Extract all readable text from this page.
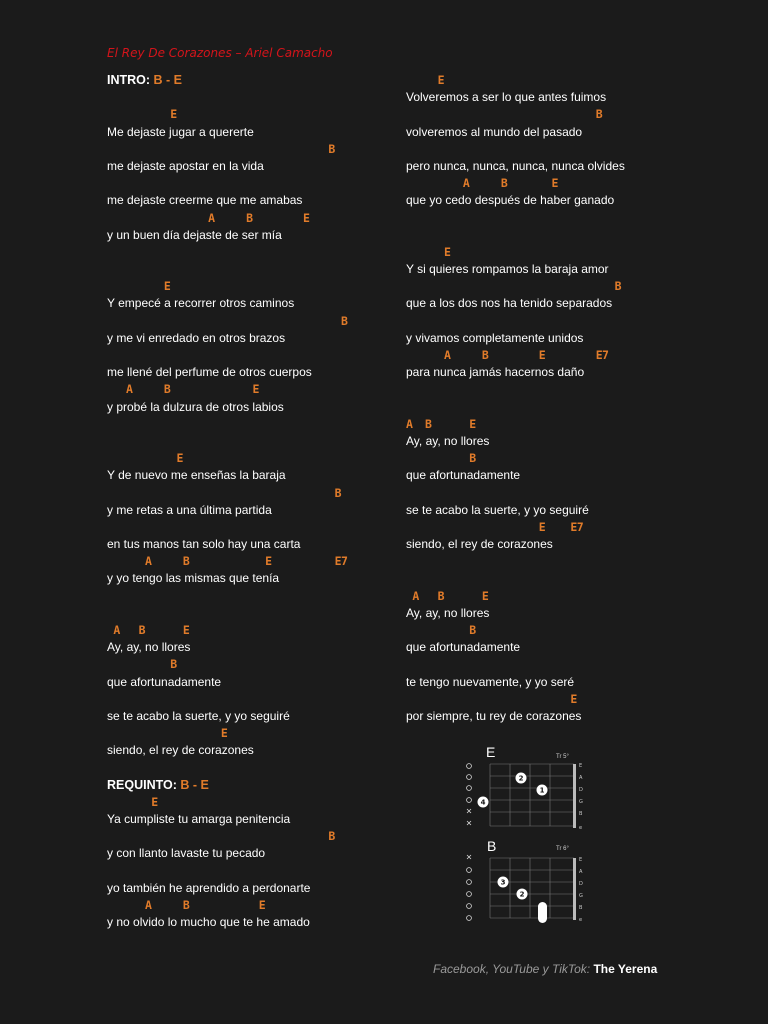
El Rey De Corazones – Ariel Camacho
INTRO: B - E
E
Me dejaste jugar a quererte
B
me dejaste apostar en la vida
me dejaste creerme que me amabas
A     B        E
y un buen día dejaste de ser mía
E
Y empecé a recorrer otros caminos
B
y me vi enredado en otros brazos
me llené del perfume de otros cuerpos
A     B             E
y probé la dulzura de otros labios
E
Y de nuevo me enseñas la baraja
B
y me retas a una última partida
en tus manos tan solo hay una carta
A     B            E          E7
y yo tengo las mismas que tenía
A   B      E
Ay, ay, no llores
B
que afortunadamente
se te acabo la suerte, y yo seguiré
E
siendo, el rey de corazones
REQUINTO: B - E
E
Ya cumpliste tu amarga penitencia
B
y con llanto lavaste tu pecado
yo también he aprendido a perdonarte
A     B           E
y no olvido lo mucho que te he amado
E
Volveremos a ser lo que antes fuimos
B
volveremos al mundo del pasado
pero nunca, nunca, nunca, nunca olvides
A     B       E
que yo cedo después de haber ganado
E
Y si quieres rompamos la baraja amor
B
que a los dos nos ha tenido separados
y vivamos completamente unidos
A     B        E        E7
para nunca jamás hacernos daño
A  B      E
Ay, ay, no llores
B
que afortunadamente
se te acabo la suerte, y yo seguiré
E    E7
siendo, el rey de corazones
A   B      E
Ay, ay, no llores
B
que afortunadamente
te tengo nuevamente, y yo seré
E
por siempre, tu rey de corazones
E	Tr 5°
2
1
4
E
A
D
G
B
e
B	Tr 6°
3
2
E
A
D
G
B
e
Facebook, YouTube y TikTok: The Yerena
